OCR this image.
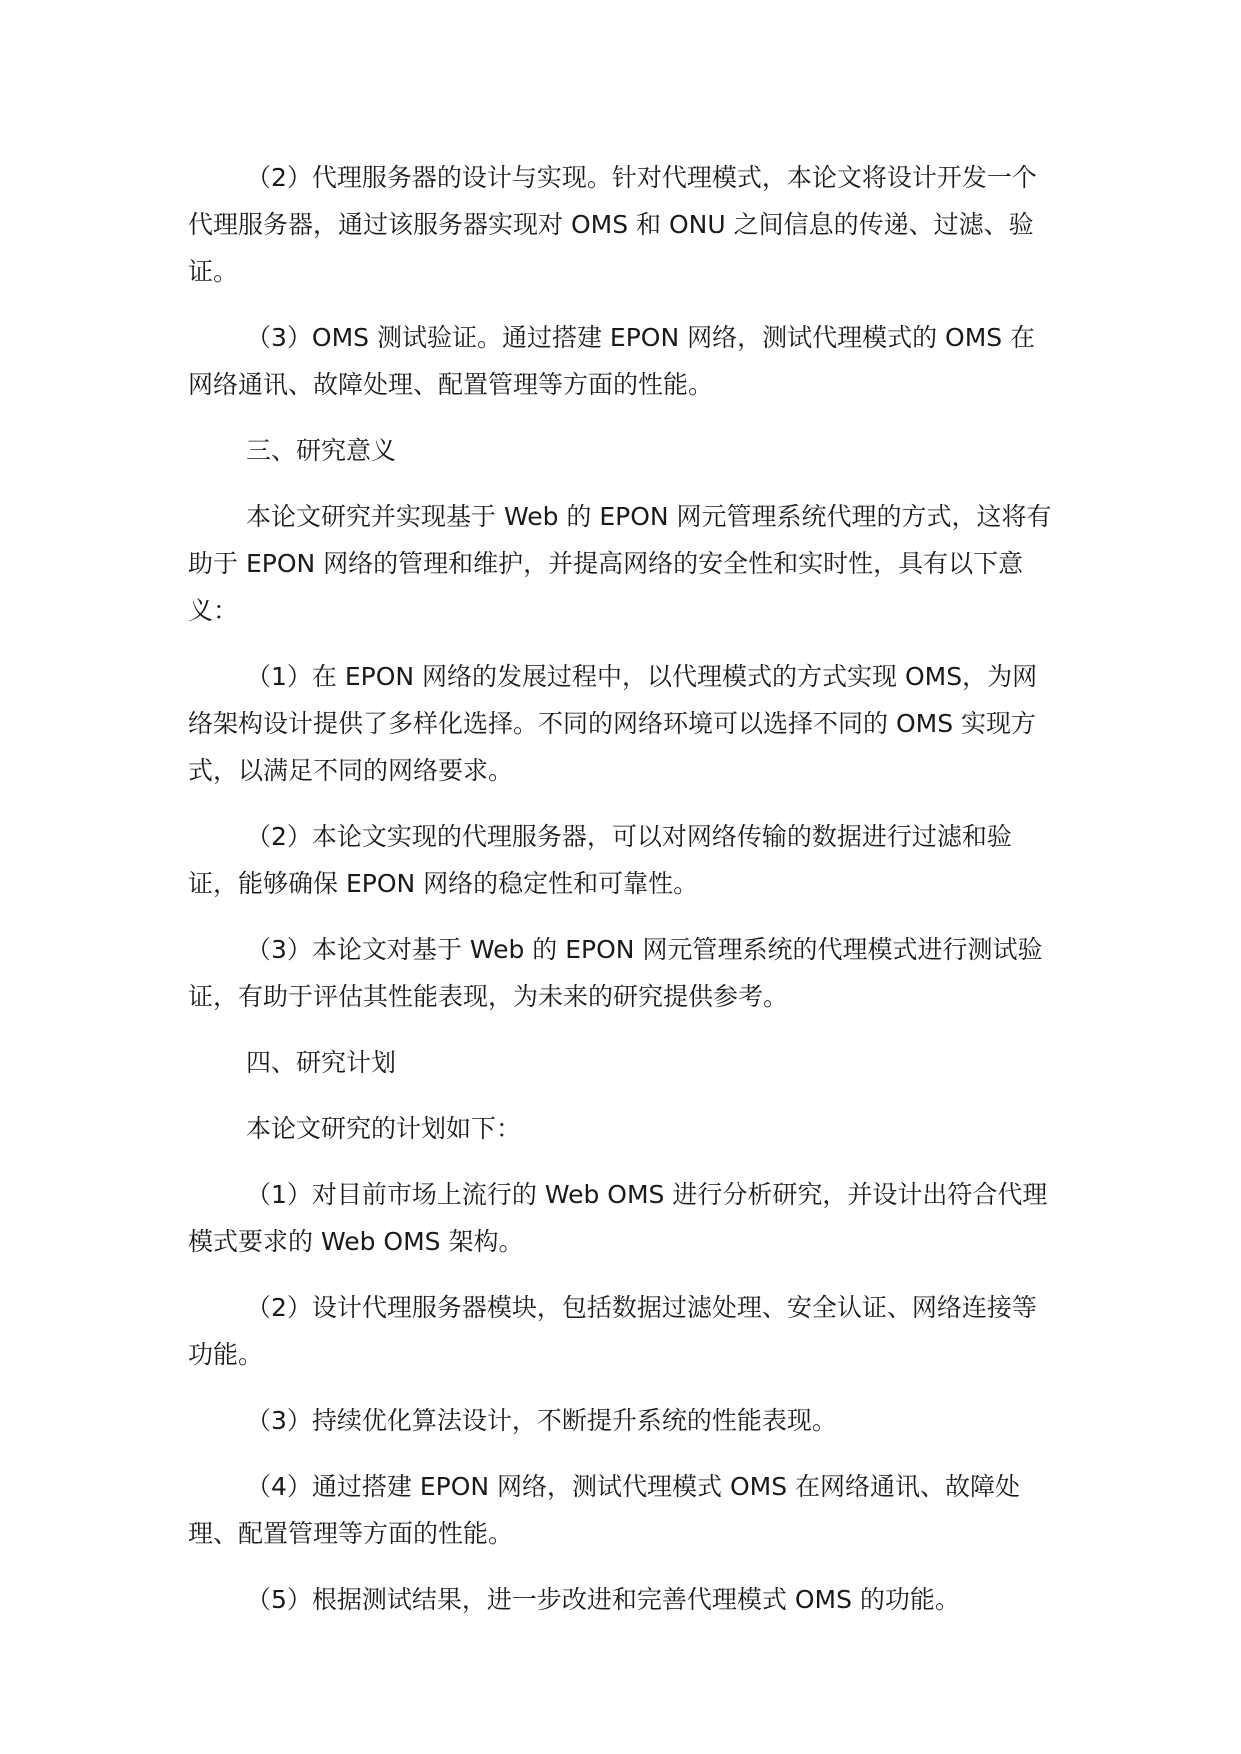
（2）代理服务器的设计与实现。针对代理模式，本论文将设计开发一个代理服务器，通过该服务器实现对 OMS 和 ONU 之间信息的传递、过滤、验证。

（3）OMS 测试验证。通过搭建 EPON 网络，测试代理模式的 OMS 在网络通讯、故障处理、配置管理等方面的性能。

三、研究意义

本论文研究并实现基于 Web 的 EPON 网元管理系统代理的方式，这将有助于 EPON 网络的管理和维护，并提高网络的安全性和实时性，具有以下意义：

（1）在 EPON 网络的发展过程中，以代理模式的方式实现 OMS，为网络架构设计提供了多样化选择。不同的网络环境可以选择不同的 OMS 实现方式，以满足不同的网络要求。

（2）本论文实现的代理服务器，可以对网络传输的数据进行过滤和验证，能够确保 EPON 网络的稳定性和可靠性。

（3）本论文对基于 Web 的 EPON 网元管理系统的代理模式进行测试验证，有助于评估其性能表现，为未来的研究提供参考。

四、研究计划

本论文研究的计划如下：

（1）对目前市场上流行的 Web OMS 进行分析研究，并设计出符合代理模式要求的 Web OMS 架构。

（2）设计代理服务器模块，包括数据过滤处理、安全认证、网络连接等功能。

（3）持续优化算法设计，不断提升系统的性能表现。

（4）通过搭建 EPON 网络，测试代理模式 OMS 在网络通讯、故障处理、配置管理等方面的性能。

（5）根据测试结果，进一步改进和完善代理模式 OMS 的功能。
